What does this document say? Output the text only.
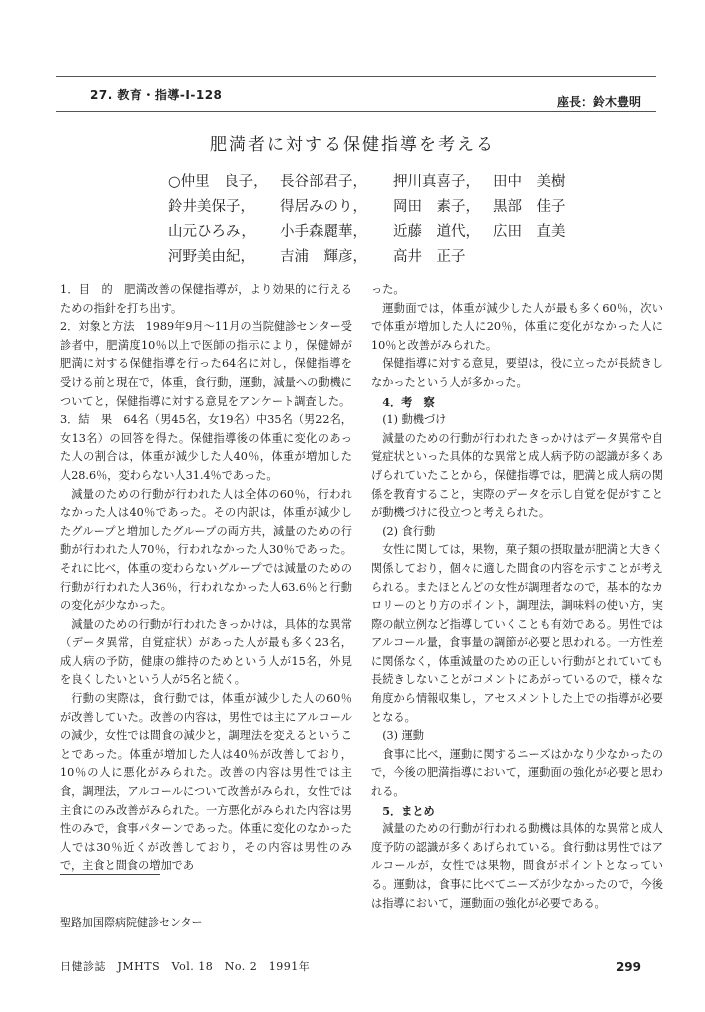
27. 教育・指導‐Ⅰ‐128	座長：鈴木豊明
肥満者に対する保健指導を考える
○仲里　良子， 長谷部君子，	押川真喜子， 田中　美樹
鈴井美保子，	得居みのり，	岡田　素子， 黒部　佳子
山元ひろみ，	小手森麗華，	近藤　道代， 広田　直美
河野美由紀，	吉浦　輝彦，	高井　正子

1．目　的　肥満改善の保健指導が，より効果的に行えるための指針を打ち出す。

2．対象と方法　1989年9月〜11月の当院健診センター受診者中，肥満度10％以上で医師の指示により，保健婦が肥満に対する保健指導を行った64名に対し，保健指導を受ける前と現在で，体重，食行動，運動，減量への動機についてと，保健指導に対する意見をアンケート調査した。

3．結　果　64名（男45名，女19名）中35名（男22名，女13名）の回答を得た。保健指導後の体重に変化のあった人の割合は，体重が減少した人40％，体重が増加した人28.6％，変わらない人31.4％であった。

減量のための行動が行われた人は全体の60％，行われなかった人は40％であった。その内訳は，体重が減少したグループと増加したグループの両方共，減量のための行動が行われた人70％，行われなかった人30％であった。それに比べ，体重の変わらないグループでは減量のための行動が行われた人36％，行われなかった人63.6％と行動の変化が少なかった。

減量のための行動が行われたきっかけは，具体的な異常（データ異常，自覚症状）があった人が最も多く23名，成人病の予防，健康の維持のためという人が15名，外見を良くしたいという人が5名と続く。

行動の実際は，食行動では，体重が減少した人の60％が改善していた。改善の内容は，男性では主にアルコールの減少，女性では間食の減少と，調理法を変えるということであった。体重が増加した人は40％が改善しており，10％の人に悪化がみられた。改善の内容は男性では主食，調理法，アルコールについて改善がみられ，女性では主食にのみ改善がみられた。一方悪化がみられた内容は男性のみで，食事パターンであった。体重に変化のなかった人では30％近くが改善しており，その内容は男性のみで，主食と間食の増加であ

った。

運動面では，体重が減少した人が最も多く60％，次いで体重が増加した人に20％，体重に変化がなかった人に10％と改善がみられた。

保健指導に対する意見，要望は，役に立ったが長続きしなかったという人が多かった。

4．考　察

(1) 動機づけ

減量のための行動が行われたきっかけはデータ異常や自覚症状といった具体的な異常と成人病予防の認識が多くあげられていたことから，保健指導では，肥満と成人病の関係を教育すること，実際のデータを示し自覚を促がすことが動機づけに役立つと考えられた。

(2) 食行動

女性に関しては，果物，菓子類の摂取量が肥満と大きく関係しており，個々に適した間食の内容を示すことが考えられる。またほとんどの女性が調理者なので，基本的なカロリーのとり方のポイント，調理法，調味料の使い方，実際の献立例など指導していくことも有効である。男性ではアルコール量，食事量の調節が必要と思われる。一方性差に関係なく，体重減量のための正しい行動がとれていても長続きしないことがコメントにあがっているので，様々な角度から情報収集し，アセスメントした上での指導が必要となる。

(3) 運動

食事に比べ，運動に関するニーズはかなり少なかったので，今後の肥満指導において，運動面の強化が必要と思われる。

5．まとめ

減量のための行動が行われる動機は具体的な異常と成人度予防の認識が多くあげられている。食行動は男性ではアルコールが，女性では果物，間食がポイントとなっている。運動は，食事に比べてニーズが少なかったので，今後は指導において，運動面の強化が必要である。

聖路加国際病院健診センター
日健診誌　JMHTS　Vol. 18　No. 2　1991年	299
